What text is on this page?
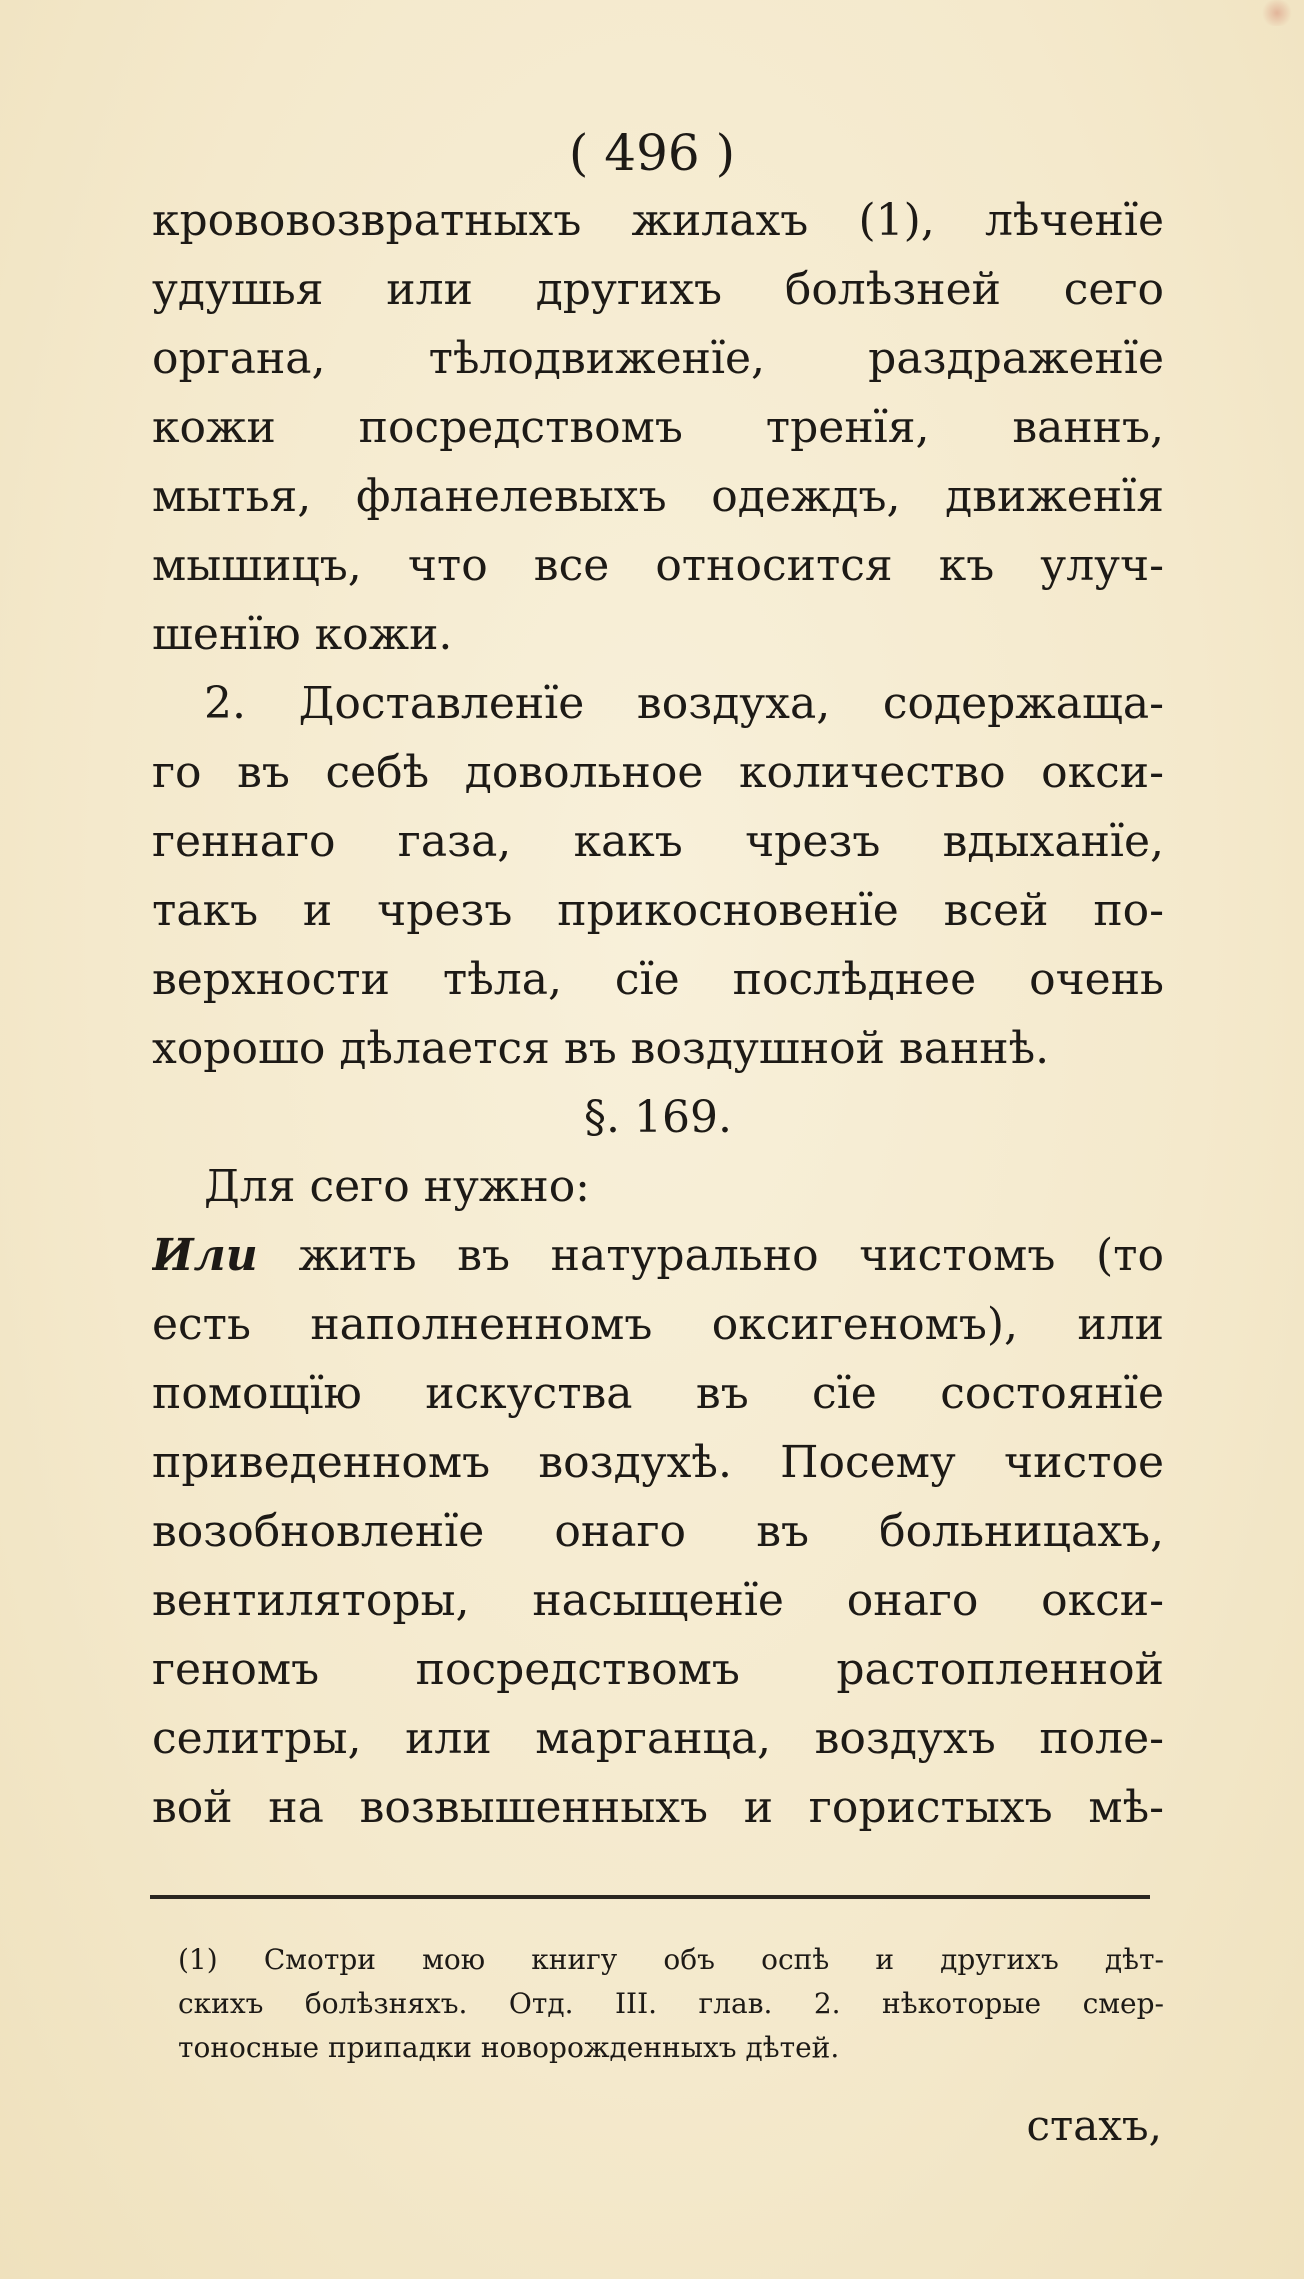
( 496 )
крововозвратныхъ жилахъ (1), лѣченїе
удушья или другихъ болѣзней сего
органа, тѣлодвиженїе, раздраженїе
кожи посредствомъ тренїя, ваннъ,
мытья, фланелевыхъ одеждъ, движенїя
мышицъ, что все относится къ улуч-
шенїю кожи.
2. Доставленїе воздуха, содержаща-
го въ себѣ довольное количество окси-
геннаго газа, какъ чрезъ вдыханїе,
такъ и чрезъ прикосновенїе всей по-
верхности тѣла, сїе послѣднее очень
хорошо дѣлается въ воздушной ваннѣ.
§. 169.
Для сего нужно:
Или жить въ натурально чистомъ (то
есть наполненномъ оксигеномъ), или
помощїю искуства въ сїе состоянїе
приведенномъ воздухѣ. Посему чистое
возобновленїе онаго въ больницахъ,
вентиляторы, насыщенїе онаго окси-
геномъ посредствомъ растопленной
селитры, или марганца, воздухъ поле-
вой на возвышенныхъ и гористыхъ мѣ-
(1) Смотри мою книгу объ оспѣ и другихъ дѣт-
скихъ болѣзняхъ. Отд. III. глав. 2. нѣкоторые смер-
тоносные припадки новорожденныхъ дѣтей.
стахъ,
